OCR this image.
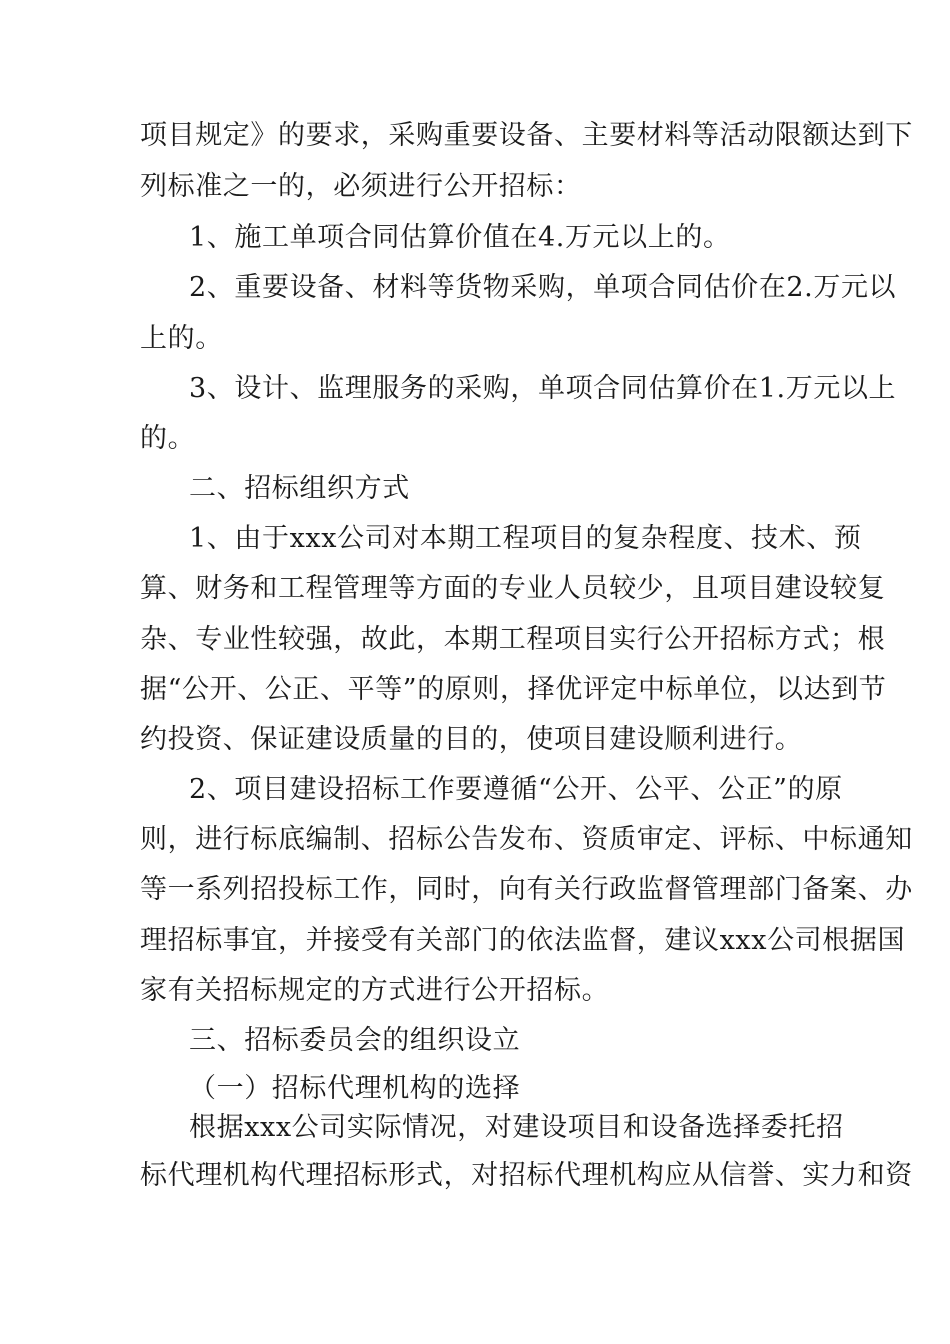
项目规定》的要求，采购重要设备、主要材料等活动限额达到下
列标准之一的，必须进行公开招标：
1、施工单项合同估算价值在4.万元以上的。
2、重要设备、材料等货物采购，单项合同估价在2.万元以
上的。
3、设计、监理服务的采购，单项合同估算价在1.万元以上
的。
二、招标组织方式
1、由于xxx公司对本期工程项目的复杂程度、技术、预
算、财务和工程管理等方面的专业人员较少，且项目建设较复
杂、专业性较强，故此，本期工程项目实行公开招标方式；根
据“公开、公正、平等”的原则，择优评定中标单位，以达到节
约投资、保证建设质量的目的，使项目建设顺利进行。
2、项目建设招标工作要遵循“公开、公平、公正”的原
则，进行标底编制、招标公告发布、资质审定、评标、中标通知
等一系列招投标工作，同时，向有关行政监督管理部门备案、办
理招标事宜，并接受有关部门的依法监督，建议xxx公司根据国
家有关招标规定的方式进行公开招标。
三、招标委员会的组织设立
（一）招标代理机构的选择
根据xxx公司实际情况，对建设项目和设备选择委托招
标代理机构代理招标形式，对招标代理机构应从信誉、实力和资
